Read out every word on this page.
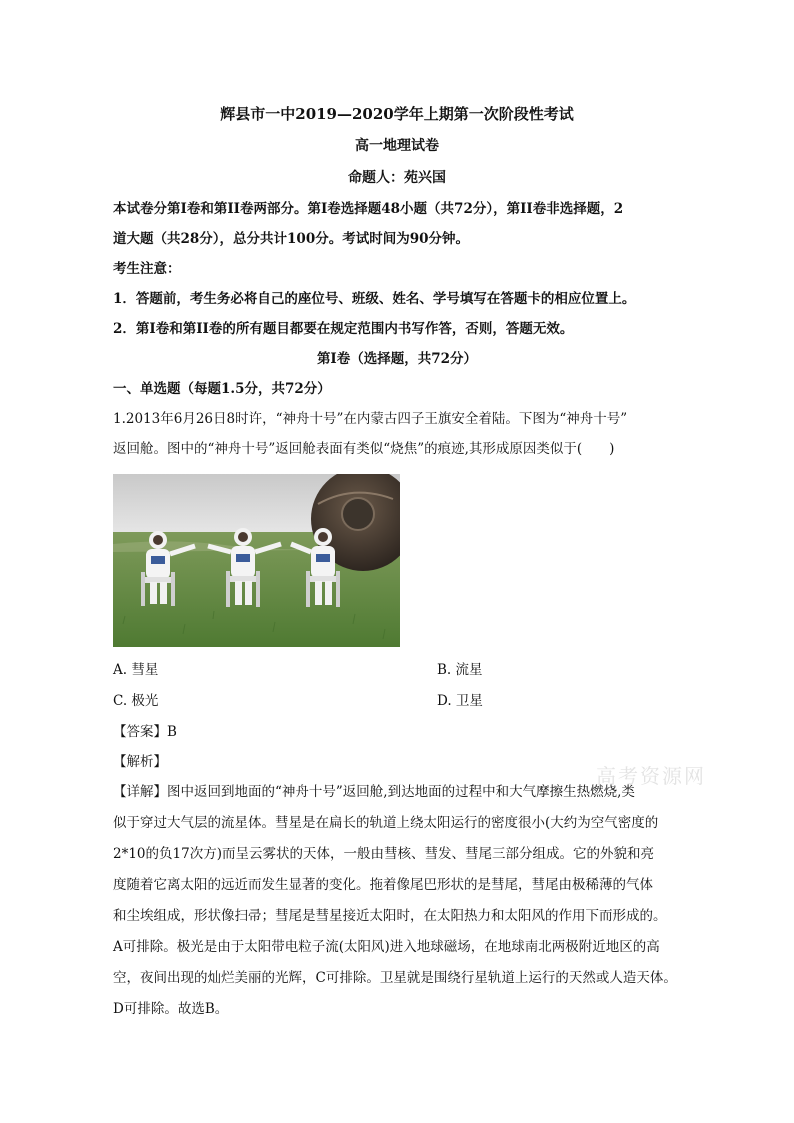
辉县市一中2019—2020学年上期第一次阶段性考试
高一地理试卷
命题人：苑兴国

本试卷分第Ⅰ卷和第II卷两部分。第Ⅰ卷选择题48小题（共72分），第II卷非选择题，2

道大题（共28分），总分共计100分。考试时间为90分钟。

考生注意：

1．答题前，考生务必将自己的座位号、班级、姓名、学号填写在答题卡的相应位置上。

2．第Ⅰ卷和第II卷的所有题目都要在规定范围内书写作答，否则，答题无效。

第Ⅰ卷（选择题，共72分）

一、单选题（每题1.5分，共72分）

1.2013年6月26日8时许，“神舟十号”在内蒙古四子王旗安全着陆。下图为“神舟十号”

返回舱。图中的“神舟十号”返回舱表面有类似“烧焦”的痕迹,其形成原因类似于(　　)

A. 彗星	B. 流星
C. 极光	D. 卫星

【答案】B

【解析】

【详解】图中返回到地面的“神舟十号”返回舱,到达地面的过程中和大气摩擦生热燃烧,类

似于穿过大气层的流星体。彗星是在扁长的轨道上绕太阳运行的密度很小(大约为空气密度的

2*10的负17次方)而呈云雾状的天体，一般由彗核、彗发、彗尾三部分组成。它的外貌和亮

度随着它离太阳的远近而发生显著的变化。拖着像尾巴形状的是彗尾，彗尾由极稀薄的气体

和尘埃组成，形状像扫帚；彗尾是彗星接近太阳时，在太阳热力和太阳风的作用下而形成的。

A可排除。极光是由于太阳带电粒子流(太阳风)进入地球磁场，在地球南北两极附近地区的高

空，夜间出现的灿烂美丽的光辉，C可排除。卫星就是围绕行星轨道上运行的天然或人造天体。

D可排除。故选B。

高考资源网
